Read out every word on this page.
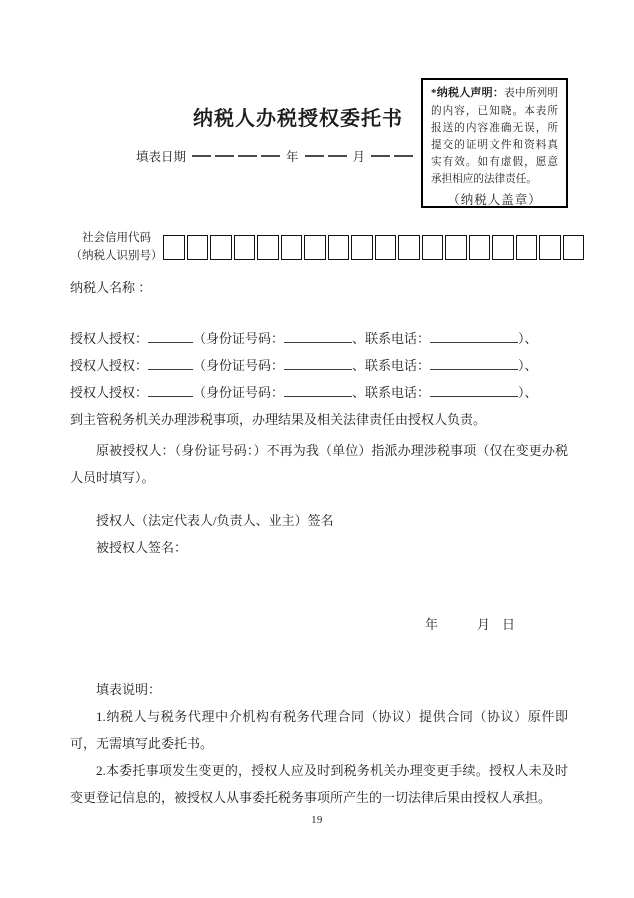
纳税人办税授权委托书
填表日期	年	月
*纳税人声明：表中所列明的内容，已知晓。本表所报送的内容准确无误，所提交的证明文件和资料真实有效。如有虚假，愿意承担相应的法律责任。
（纳税人盖章）
社会信用代码
（纳税人识别号）
纳税人名称 ：
授权人授权：	（身份证号码：	、联系电话：	）、
授权人授权：	（身份证号码：	、联系电话：	）、
授权人授权：	（身份证号码：	、联系电话：	）、
到主管税务机关办理涉税事项，办理结果及相关法律责任由授权人负责。
原被授权人：（身份证号码：）不再为我（单位）指派办理涉税事项（仅在变更办税人员时填写）。
授权人（法定代表人/负责人、业主）签名
被授权人签名：
年	月 日
填表说明：
1.纳税人与税务代理中介机构有税务代理合同（协议）提供合同（协议）原件即可，无需填写此委托书。
2.本委托事项发生变更的，授权人应及时到税务机关办理变更手续。授权人未及时变更登记信息的，被授权人从事委托税务事项所产生的一切法律后果由授权人承担。
19
